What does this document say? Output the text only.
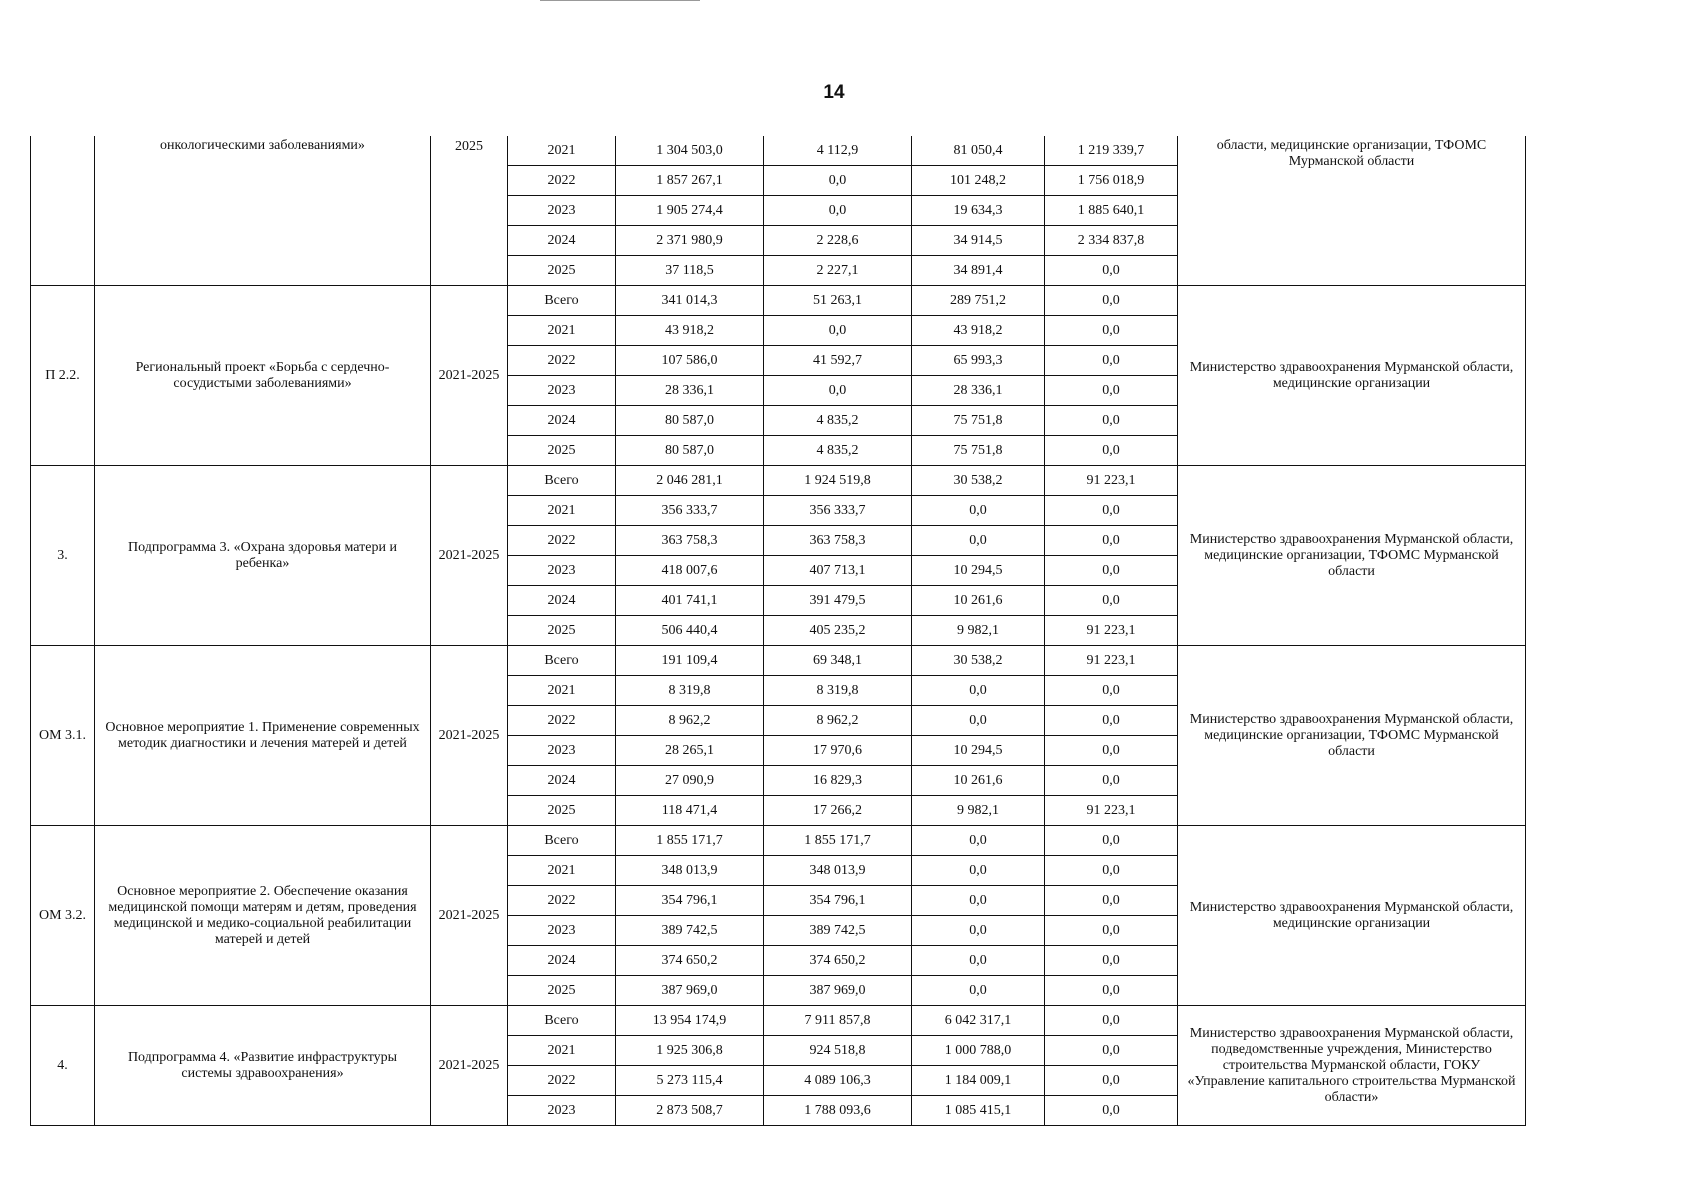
14
	онкологическими заболеваниями»	2025	2021	1 304 503,0	4 112,9	81 050,4	1 219 339,7	области, медицинские организации, ТФОМС Мурманской области
			2022	1 857 267,1	0,0	101 248,2	1 756 018,9	
			2023	1 905 274,4	0,0	19 634,3	1 885 640,1	
			2024	2 371 980,9	2 228,6	34 914,5	2 334 837,8	
			2025	37 118,5	2 227,1	34 891,4	0,0	
П 2.2.	Региональный проект «Борьба с сердечно-сосудистыми заболеваниями»	2021-2025	Всего	341 014,3	51 263,1	289 751,2	0,0	Министерство здравоохранения Мурманской области, медицинские организации
			2021	43 918,2	0,0	43 918,2	0,0	
			2022	107 586,0	41 592,7	65 993,3	0,0	
			2023	28 336,1	0,0	28 336,1	0,0	
			2024	80 587,0	4 835,2	75 751,8	0,0	
			2025	80 587,0	4 835,2	75 751,8	0,0	
3.	Подпрограмма 3. «Охрана здоровья матери и ребенка»	2021-2025	Всего	2 046 281,1	1 924 519,8	30 538,2	91 223,1	Министерство здравоохранения Мурманской области, медицинские организации, ТФОМС Мурманской области
			2021	356 333,7	356 333,7	0,0	0,0	
			2022	363 758,3	363 758,3	0,0	0,0	
			2023	418 007,6	407 713,1	10 294,5	0,0	
			2024	401 741,1	391 479,5	10 261,6	0,0	
			2025	506 440,4	405 235,2	9 982,1	91 223,1	
ОМ 3.1.	Основное мероприятие 1. Применение современных методик диагностики и лечения матерей и детей	2021-2025	Всего	191 109,4	69 348,1	30 538,2	91 223,1	Министерство здравоохранения Мурманской области, медицинские организации, ТФОМС Мурманской области
			2021	8 319,8	8 319,8	0,0	0,0	
			2022	8 962,2	8 962,2	0,0	0,0	
			2023	28 265,1	17 970,6	10 294,5	0,0	
			2024	27 090,9	16 829,3	10 261,6	0,0	
			2025	118 471,4	17 266,2	9 982,1	91 223,1	
ОМ 3.2.	Основное мероприятие 2. Обеспечение оказания медицинской помощи матерям и детям, проведения медицинской и медико-социальной реабилитации матерей и детей	2021-2025	Всего	1 855 171,7	1 855 171,7	0,0	0,0	Министерство здравоохранения Мурманской области, медицинские организации
			2021	348 013,9	348 013,9	0,0	0,0	
			2022	354 796,1	354 796,1	0,0	0,0	
			2023	389 742,5	389 742,5	0,0	0,0	
			2024	374 650,2	374 650,2	0,0	0,0	
			2025	387 969,0	387 969,0	0,0	0,0	
4.	Подпрограмма 4. «Развитие инфраструктуры системы здравоохранения»	2021-2025	Всего	13 954 174,9	7 911 857,8	6 042 317,1	0,0	Министерство здравоохранения Мурманской области, подведомственные учреждения, Министерство строительства Мурманской области, ГОКУ «Управление капитального строительства Мурманской области»
			2021	1 925 306,8	924 518,8	1 000 788,0	0,0	
			2022	5 273 115,4	4 089 106,3	1 184 009,1	0,0	
			2023	2 873 508,7	1 788 093,6	1 085 415,1	0,0	
